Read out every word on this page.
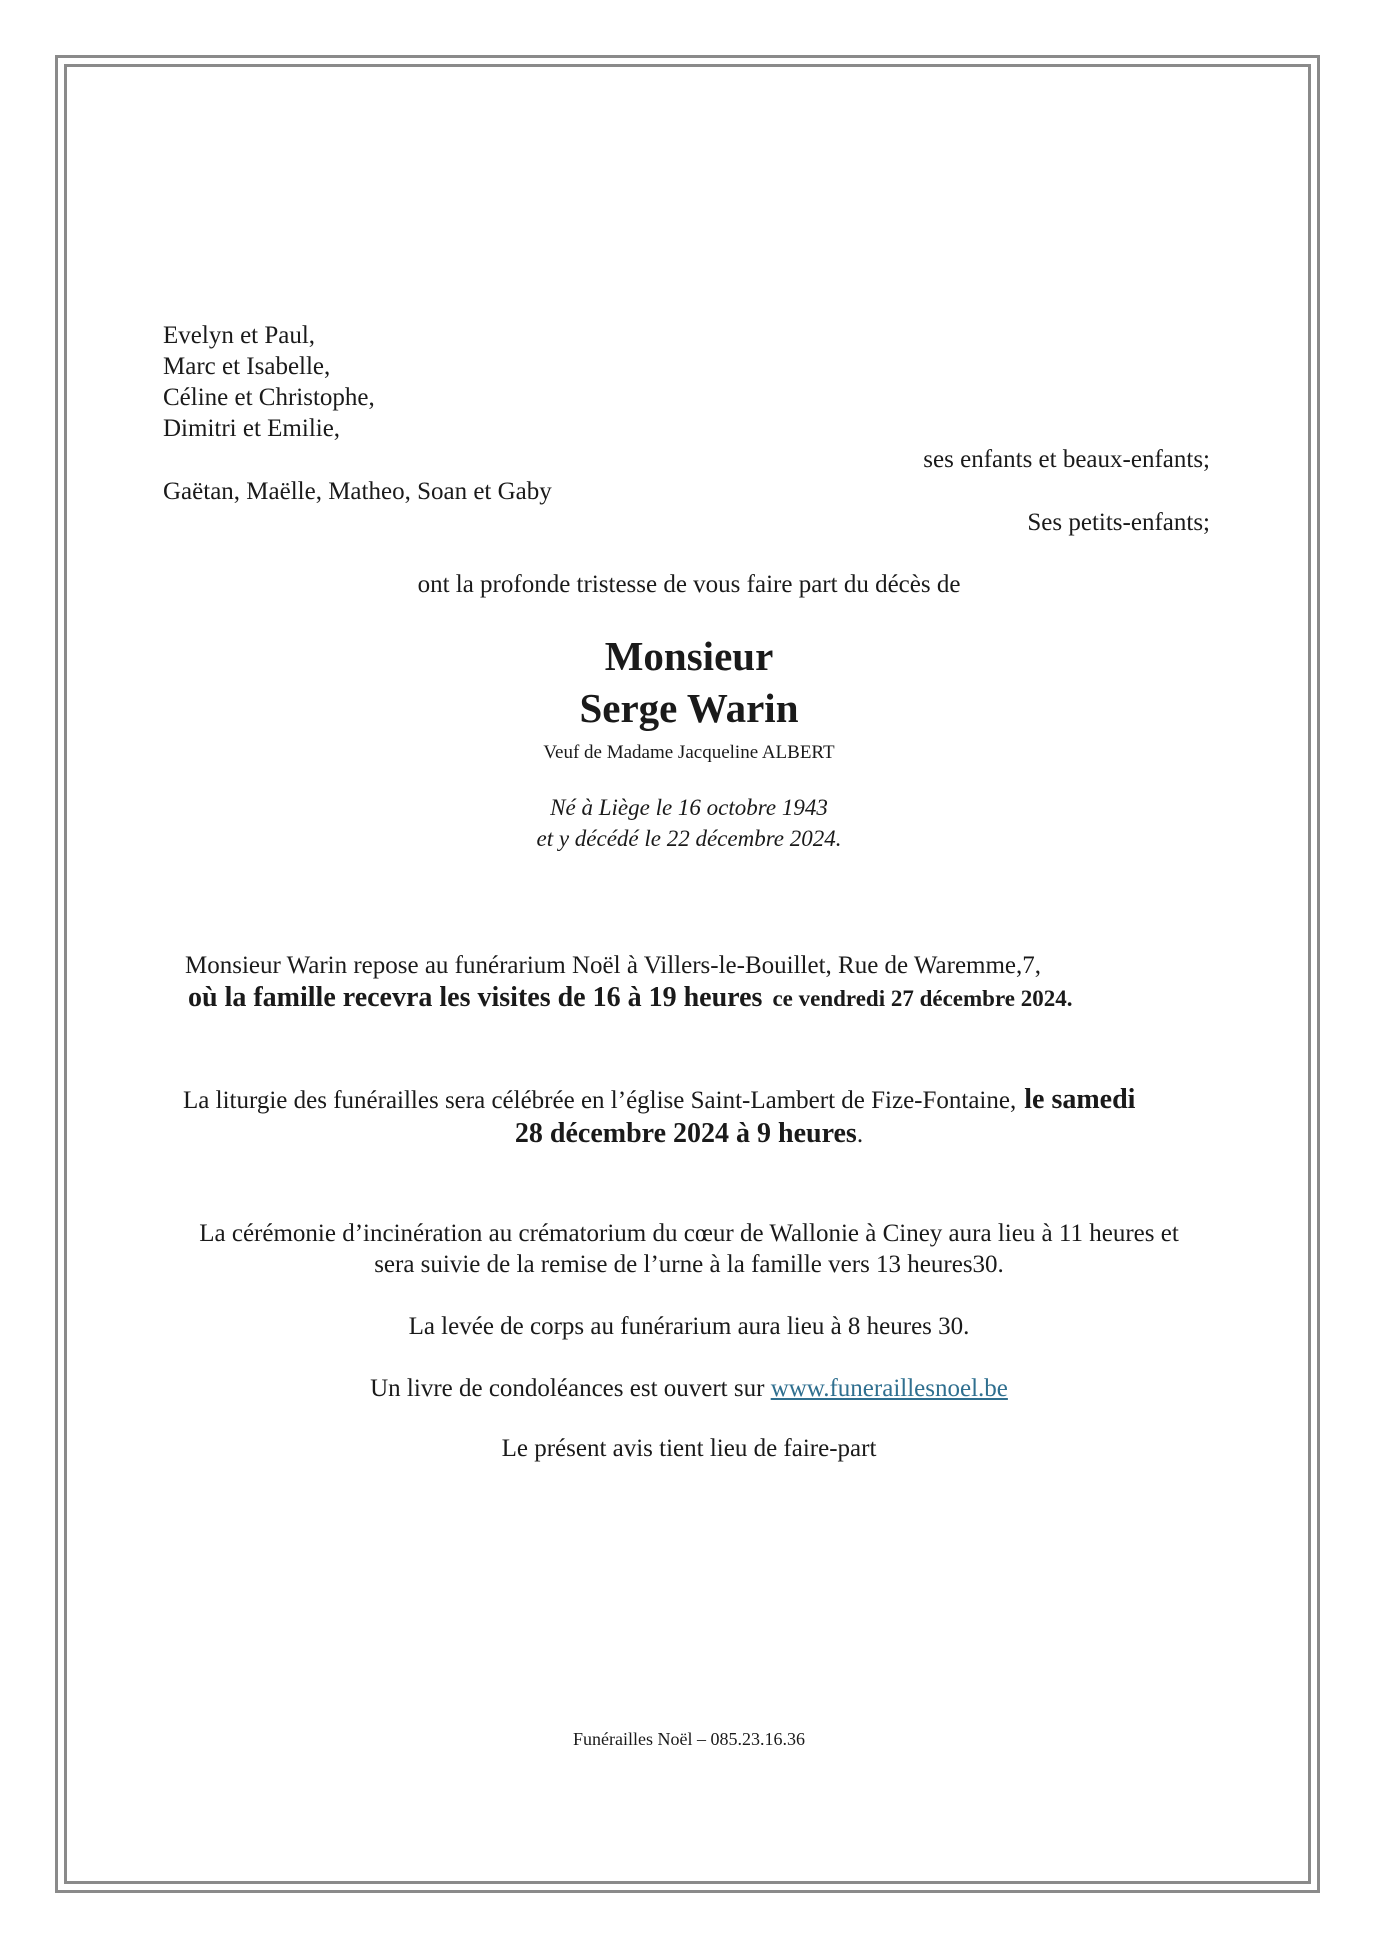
Evelyn et Paul,
Marc et Isabelle,
Céline et Christophe,
Dimitri et Emilie,
ses enfants et beaux-enfants;
Gaëtan, Maëlle, Matheo, Soan et Gaby
Ses petits-enfants;
ont la profonde tristesse de vous faire part du décès de
Monsieur
Serge Warin
Veuf de Madame Jacqueline ALBERT
Né à Liège le 16 octobre 1943
et y décédé le 22 décembre 2024.
Monsieur Warin repose au funérarium Noël à Villers-le-Bouillet, Rue de Waremme,7,
où la famille recevra les visites de 16 à 19 heures ce vendredi 27 décembre 2024.
La liturgie des funérailles sera célébrée en l’église Saint-Lambert de Fize-Fontaine, le samedi
28 décembre 2024 à 9 heures.
La cérémonie d’incinération au crématorium du cœur de Wallonie à Ciney aura lieu à 11 heures et
sera suivie de la remise de l’urne à la famille vers 13 heures30.
La levée de corps au funérarium aura lieu à 8 heures 30.
Un livre de condoléances est ouvert sur www.funeraillesnoel.be
Le présent avis tient lieu de faire-part
Funérailles Noël – 085.23.16.36
